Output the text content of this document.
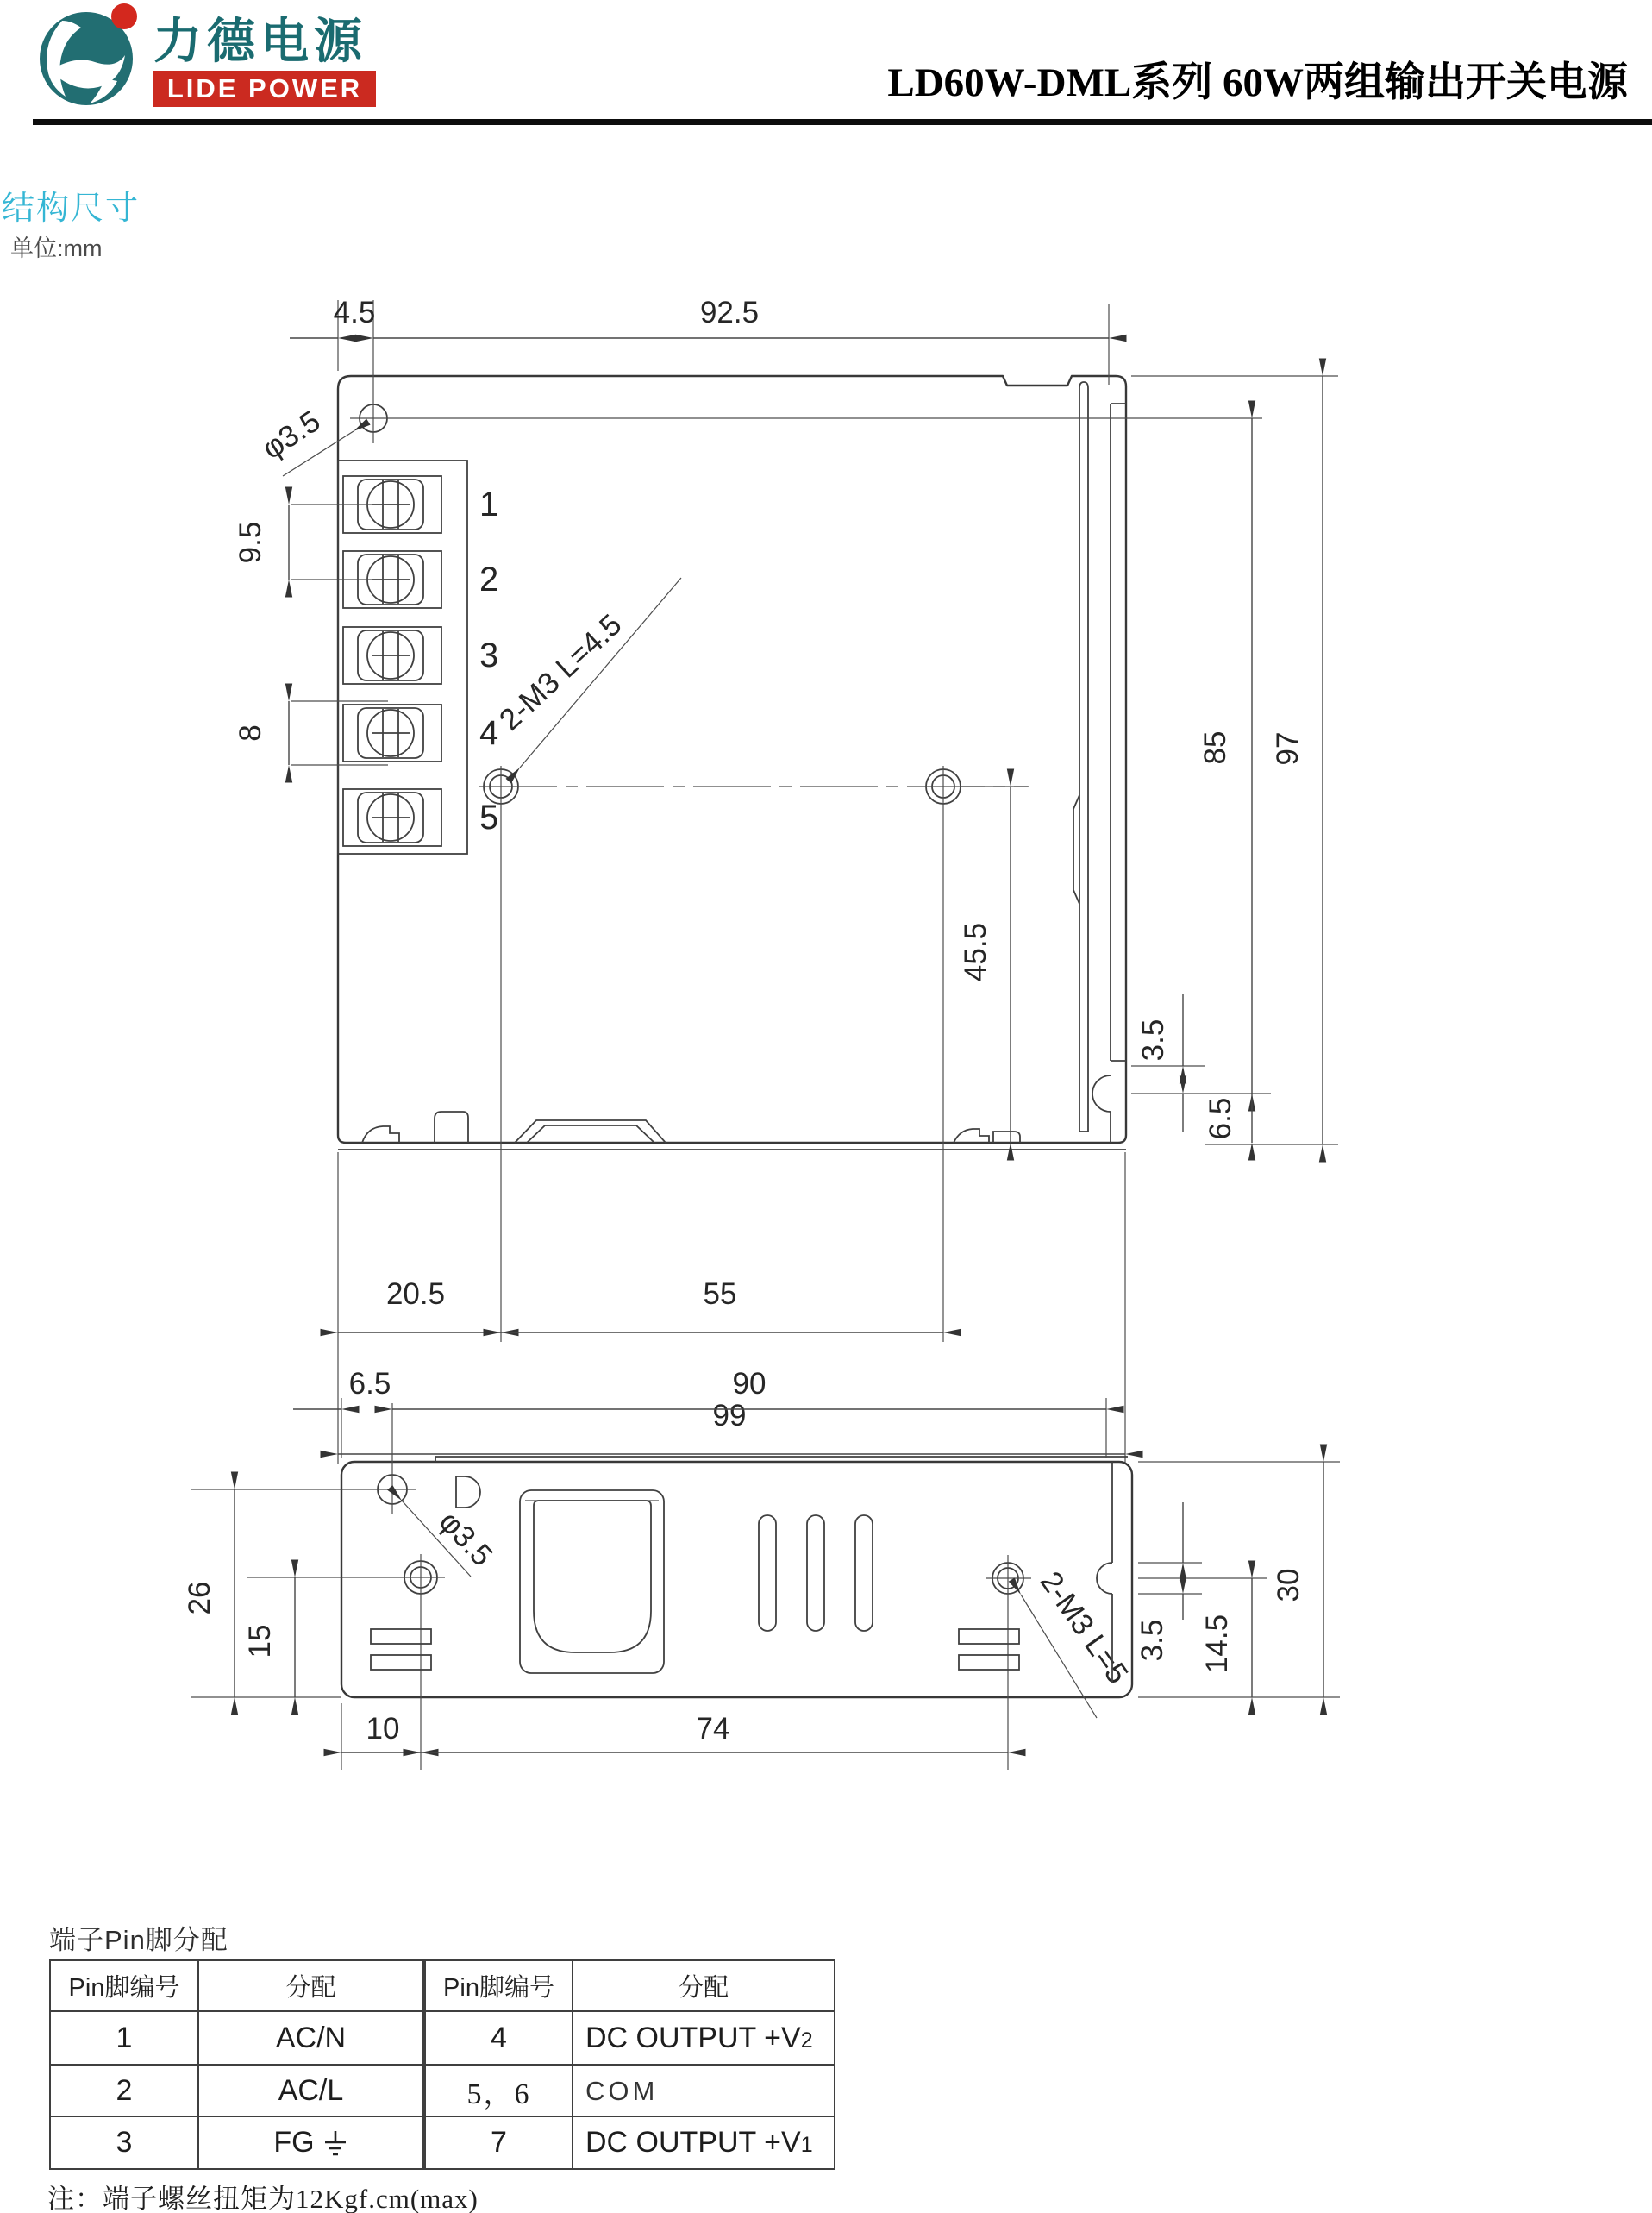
力德电源
LIDE POWER	LD60W-DML系列 60W两组输出开关电源
结构尺寸
单位:mm
1
2
3
4
5
φ3.5
2-M3 L=4.5
4.5	92.5
9.5
8
45.5
3.5
85
6.5
97
20.5	55
99
φ3.5
2-M3 L=5
6.5	90
26
15	3.5 14.5
30
10	74
端子Pin脚分配
Pin脚编号	分配	Pin脚编号	分配
1	AC/N	4	DC OUTPUT +V2
2	AC/L	5，6	COM
3	FG	7	DC OUTPUT +V1
注：端子螺丝扭矩为12Kgf.cm(max)
